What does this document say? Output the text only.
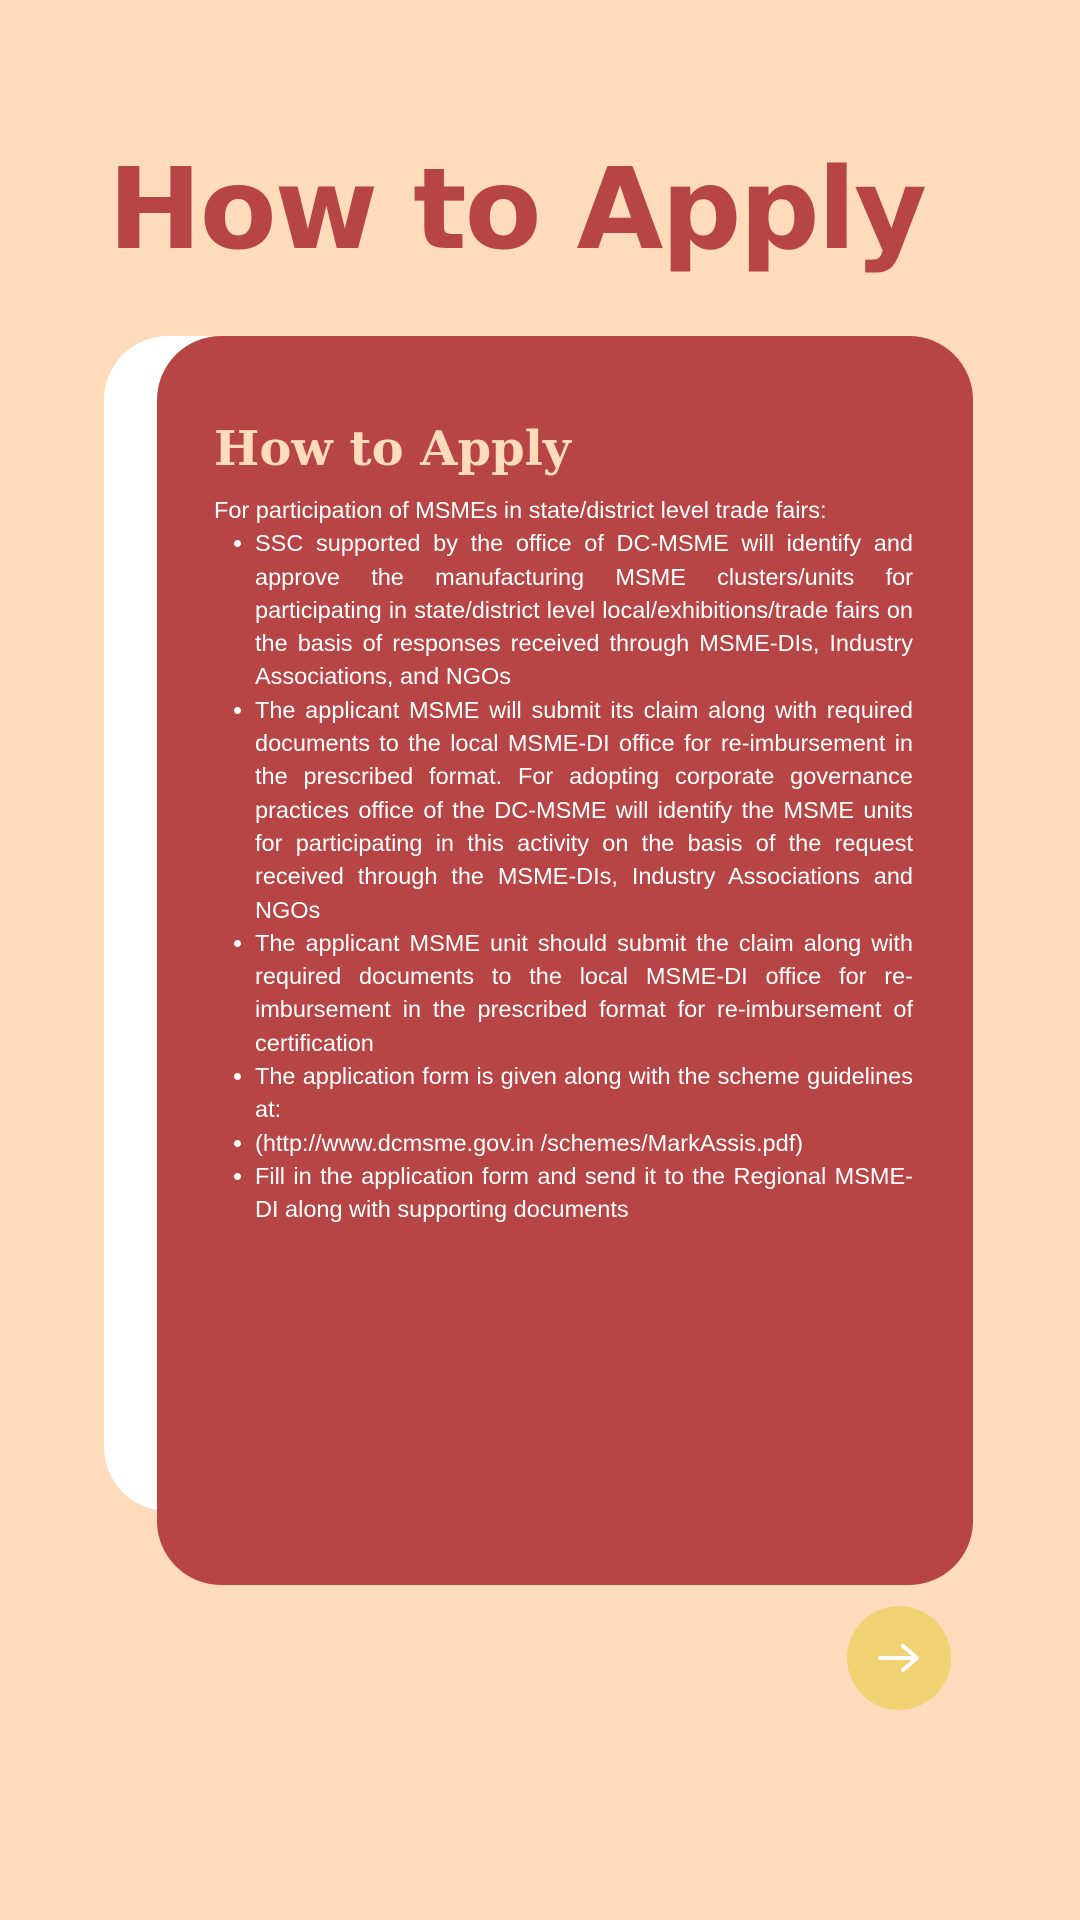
How to Apply
How to Apply

For participation of MSMEs in state/district level trade fairs:

• SSC supported by the office of DC-MSME will identify and approve the manufacturing MSME clusters/units for participating in state/district level local/exhibitions/trade fairs on the basis of responses received through MSME-DIs, Industry Associations, and NGOs
• The applicant MSME will submit its claim along with required documents to the local MSME-DI office for re-imbursement in the prescribed format. For adopting corporate governance practices office of the DC-MSME will identify the MSME units for participating in this activity on the basis of the request received through the MSME-DIs, Industry Associations and NGOs
• The applicant MSME unit should submit the claim along with required documents to the local MSME-DI office for re-imbursement in the prescribed format for re-imbursement of certification
• The application form is given along with the scheme guidelines at:
• (http://www.dcmsme.gov.in /schemes/MarkAssis.pdf)
• Fill in the application form and send it to the Regional MSME-DI along with supporting documents
